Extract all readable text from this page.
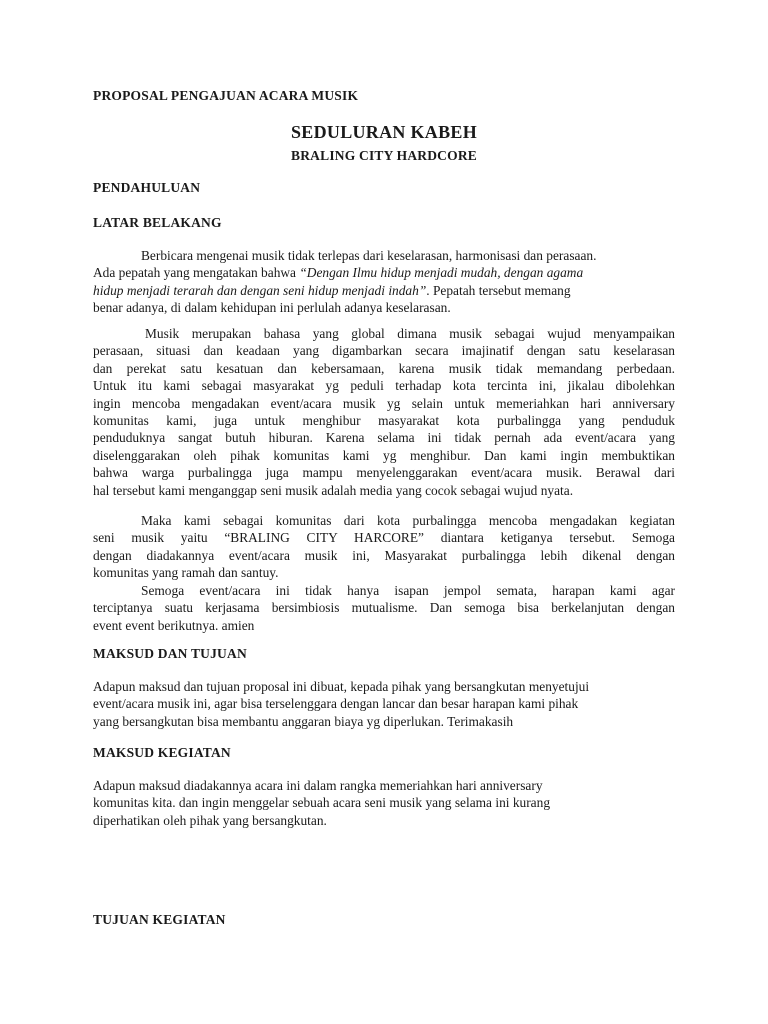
PROPOSAL PENGAJUAN ACARA MUSIK
SEDULURAN KABEH
BRALING CITY HARDCORE
PENDAHULUAN
LATAR BELAKANG
Berbicara mengenai musik tidak terlepas dari keselarasan, harmonisasi dan perasaan.
Ada pepatah yang mengatakan bahwa “Dengan Ilmu hidup menjadi mudah, dengan agama
hidup menjadi terarah dan dengan seni hidup menjadi indah”. Pepatah tersebut memang
benar adanya, di dalam kehidupan ini perlulah adanya keselarasan.
Musik merupakan bahasa yang global dimana musik sebagai wujud menyampaikan
perasaan, situasi dan keadaan yang digambarkan secara imajinatif dengan satu keselarasan
dan perekat satu kesatuan dan kebersamaan, karena musik tidak memandang perbedaan.
Untuk itu kami sebagai masyarakat yg peduli terhadap kota tercinta ini, jikalau dibolehkan
ingin mencoba mengadakan event/acara musik yg selain untuk memeriahkan hari anniversary
komunitas kami, juga untuk menghibur masyarakat kota purbalingga yang penduduk
penduduknya sangat butuh hiburan. Karena selama ini tidak pernah ada event/acara yang
diselenggarakan oleh pihak komunitas kami yg menghibur. Dan kami ingin membuktikan
bahwa warga purbalingga juga mampu menyelenggarakan event/acara musik. Berawal dari
hal tersebut kami menganggap seni musik adalah media yang cocok sebagai wujud nyata.
Maka kami sebagai komunitas dari kota purbalingga mencoba mengadakan kegiatan
seni musik yaitu “BRALING CITY HARCORE” diantara ketiganya tersebut. Semoga
dengan diadakannya event/acara musik ini, Masyarakat purbalingga lebih dikenal dengan
komunitas yang ramah dan santuy.
Semoga event/acara ini tidak hanya isapan jempol semata, harapan kami agar
terciptanya suatu kerjasama bersimbiosis mutualisme. Dan semoga bisa berkelanjutan dengan
event event berikutnya. amien
MAKSUD DAN TUJUAN
Adapun maksud dan tujuan proposal ini dibuat, kepada pihak yang bersangkutan menyetujui
event/acara musik ini, agar bisa terselenggara dengan lancar dan besar harapan kami pihak
yang bersangkutan bisa membantu anggaran biaya yg diperlukan. Terimakasih
MAKSUD KEGIATAN
Adapun maksud diadakannya acara ini dalam rangka memeriahkan hari anniversary
komunitas kita. dan ingin menggelar sebuah acara seni musik yang selama ini kurang
diperhatikan oleh pihak yang bersangkutan.
TUJUAN KEGIATAN
